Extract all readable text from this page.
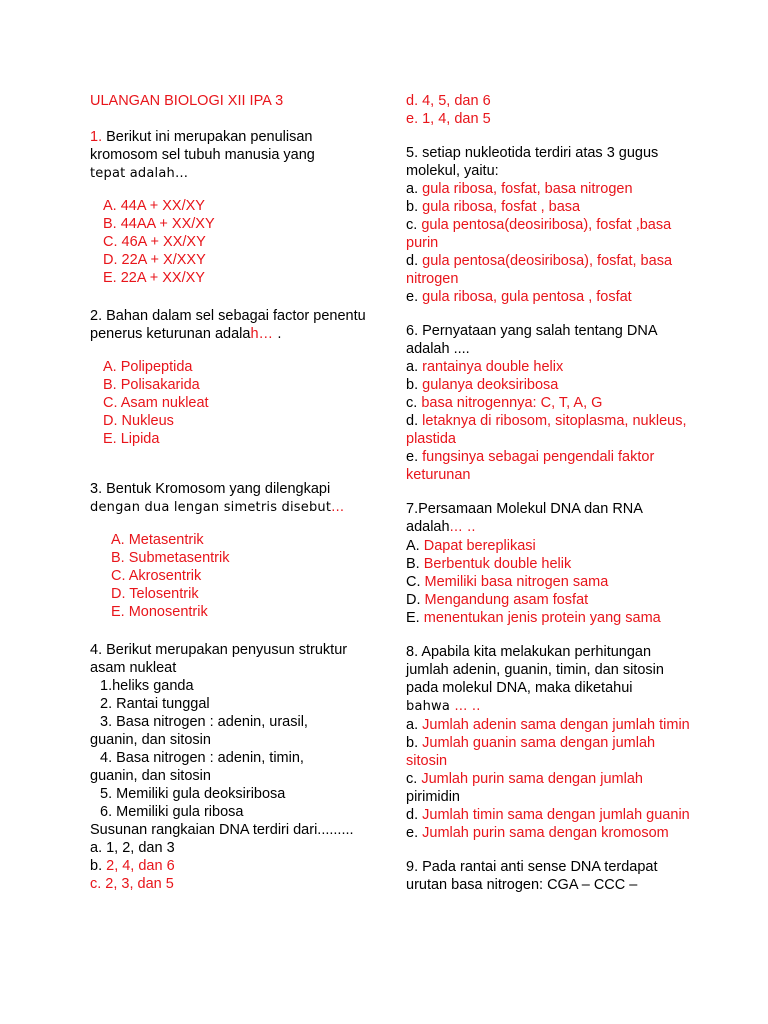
ULANGAN BIOLOGI XII IPA 3

1. Berikut ini merupakan penulisan kromosom sel tubuh manusia yang

tepat adalah…

A. 44A + XX/XY
B. 44AA + XX/XY
C. 46A + XX/XY
D. 22A + X/XXY
E. 22A + XX/XY

2. Bahan dalam sel sebagai factor penentu penerus keturunan adalah… .

A. Polipeptida
B. Polisakarida
C. Asam nukleat
D. Nukleus
E. Lipida

3. Bentuk Kromosom yang dilengkapi

dengan dua lengan simetris disebut…

A. Metasentrik
B. Submetasentrik
C. Akrosentrik
D. Telosentrik
E. Monosentrik

4. Berikut merupakan penyusun struktur asam nukleat

1.heliks ganda

2. Rantai tunggal

3. Basa nitrogen : adenin, urasil,

guanin, dan sitosin

4. Basa nitrogen : adenin, timin,

guanin, dan sitosin

5. Memiliki gula deoksiribosa

6. Memiliki gula ribosa

Susunan rangkaian DNA terdiri dari.........

a. 1, 2, dan 3

b. 2, 4, dan 6

c. 2, 3, dan 5

d. 4, 5, dan 6

e. 1, 4, dan 5

5. setiap nukleotida terdiri atas 3 gugus molekul, yaitu:

a. gula ribosa, fosfat, basa nitrogen

b. gula ribosa, fosfat , basa

c. gula pentosa(deosiribosa), fosfat ,basa purin

d. gula pentosa(deosiribosa), fosfat, basa nitrogen

e. gula ribosa, gula pentosa , fosfat

6. Pernyataan yang salah tentang DNA adalah ....

a. rantainya double helix

b. gulanya deoksiribosa

c. basa nitrogennya: C, T, A, G

d. letaknya di ribosom, sitoplasma, nukleus, plastida

e. fungsinya sebagai pengendali faktor keturunan

7.Persamaan Molekul DNA dan RNA

adalah… ..

A. Dapat bereplikasi

B. Berbentuk double helik

C. Memiliki basa nitrogen sama

D. Mengandung asam fosfat

E. menentukan jenis protein yang sama

8. Apabila kita melakukan perhitungan jumlah adenin, guanin, timin, dan sitosin pada molekul DNA, maka diketahui

bahwa … ..

a. Jumlah adenin sama dengan jumlah timin

b. Jumlah guanin sama dengan jumlah sitosin

c. Jumlah purin sama dengan jumlah

pirimidin

d. Jumlah timin sama dengan jumlah guanin

e. Jumlah purin sama dengan kromosom

9. Pada rantai anti sense DNA terdapat urutan basa nitrogen: CGA – CCC –
